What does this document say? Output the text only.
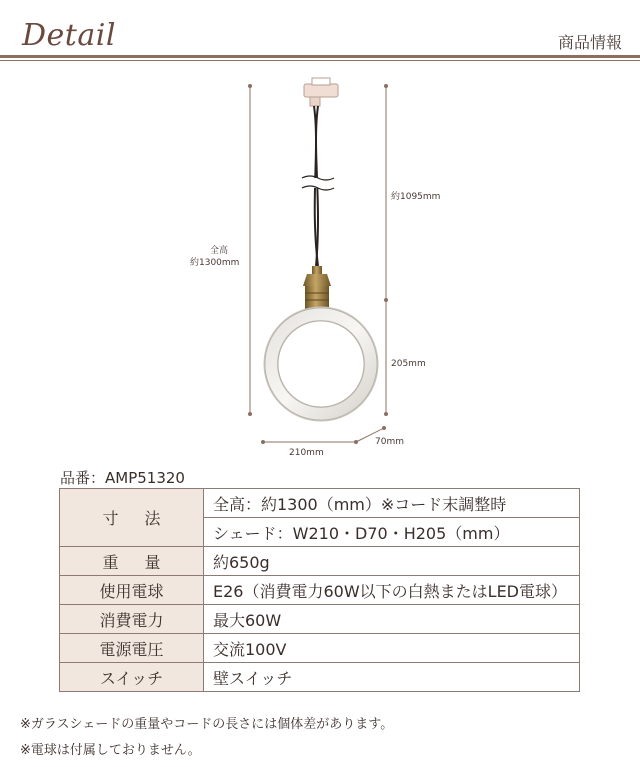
Detail	商品情報
全高
約1300mm
約1095mm
205mm
210mm
70mm
品番：AMP51320
寸法	全高：約1300（mm）※コード末調整時
	シェード：W210・D70・H205（mm）
重量	約650g
使用電球	E26（消費電力60W以下の白熱またはLED電球）
消費電力	最大60W
電源電圧	交流100V
スイッチ	壁スイッチ
※ガラスシェードの重量やコードの長さには個体差があります。
※電球は付属しておりません。
